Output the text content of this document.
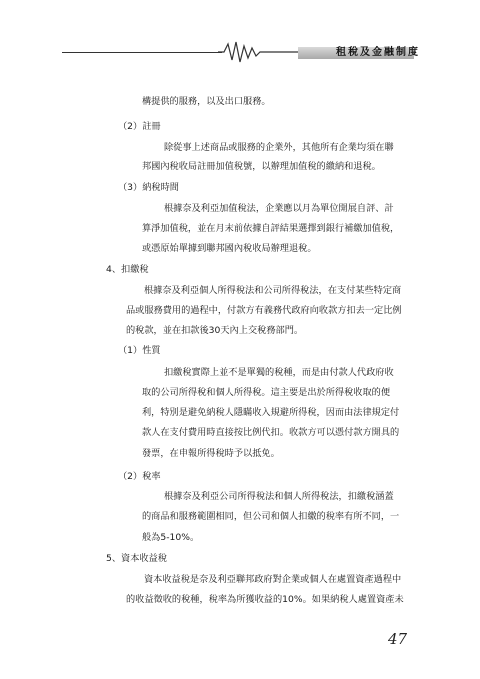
租稅及金融制度
構提供的服務，以及出口服務。
（2）註冊
除從事上述商品或服務的企業外，其他所有企業均須在聯
邦國內稅收局註冊加值稅號，以辦理加值稅的繳納和退稅。
（3）納稅時間
根據奈及利亞加值稅法，企業應以月為單位開展自評、計
算淨加值稅，並在月末前依據自評結果選擇到銀行補繳加值稅，
或憑原始單據到聯邦國內稅收局辦理退稅。
4、扣繳稅
根據奈及利亞個人所得稅法和公司所得稅法，在支付某些特定商
品或服務費用的過程中，付款方有義務代政府向收款方扣去一定比例
的稅款，並在扣款後30天內上交稅務部門。
（1）性質
扣繳稅實際上並不是單獨的稅種，而是由付款人代政府收
取的公司所得稅和個人所得稅。這主要是出於所得稅收取的便
利，特別是避免納稅人隱瞞收入規避所得稅，因而由法律規定付
款人在支付費用時直接按比例代扣。收款方可以憑付款方開具的
發票，在申報所得稅時予以抵免。
（2）稅率
根據奈及利亞公司所得稅法和個人所得稅法，扣繳稅涵蓋
的商品和服務範圍相同，但公司和個人扣繳的稅率有所不同，一
般為5-10%。
5、資本收益稅
資本收益稅是奈及利亞聯邦政府對企業或個人在處置資產過程中
的收益徵收的稅種，稅率為所獲收益的10%。如果納稅人處置資產未
47
